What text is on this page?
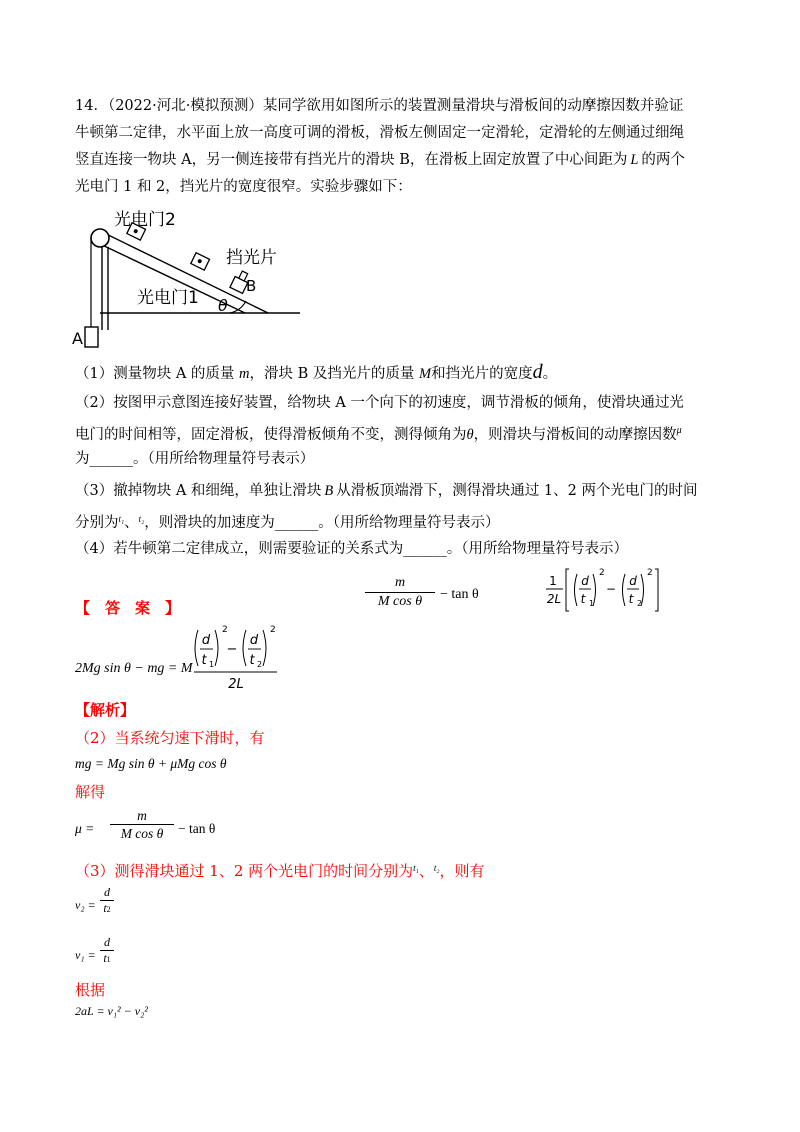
14．（2022·河北·模拟预测）某同学欲用如图所示的装置测量滑块与滑板间的动摩擦因数并验证
牛顿第二定律，水平面上放一高度可调的滑板，滑板左侧固定一定滑轮，定滑轮的左侧通过细绳
竖直连接一物块 A，另一侧连接带有挡光片的滑块 B，在滑板上固定放置了中心间距为 L 的两个
光电门 1 和 2，挡光片的宽度很窄。实验步骤如下：
光电门2
挡光片
B
光电门1 θ
A
（1）测量物块 A 的质量 m，滑块 B 及挡光片的质量 M和挡光片的宽度d。
（2）按图甲示意图连接好装置，给物块 A 一个向下的初速度，调节滑板的倾角，使滑块通过光
电门的时间相等，固定滑板，使得滑板倾角不变，测得倾角为θ，则滑块与滑板间的动摩擦因数$^\mu$
为______。（用所给物理量符号表示）
（3）撤掉物块 A 和细绳，单独让滑块 B 从滑板顶端滑下，测得滑块通过 1、2 两个光电门的时间
分别为$^{t_1}$、$^{t_2}$，则滑块的加速度为______。（用所给物理量符号表示）
（4）若牛顿第二定律成立，则需要验证的关系式为______。（用所给物理量符号表示）
$\frac{m}{\text{M cos θ}} - \tan \theta$
1
2L
d
t 1
2
−
d
t 2
2
【　答　案　】
2Mg sin θ − mg = M
d
t 1
2
−
d
t 2
2
2L
【解析】
（2）当系统匀速下滑时，有
mg = Mg sin θ + μMg cos θ
解得
$\mu = \frac{m}{\text{M cos θ}} - \tan \theta$
（3）测得滑块通过 1、2 两个光电门的时间分别为$^{t_1}$、$^{t_2}$，则有
v₂ =
d
t2
v₁ =
d
t1
根据
2aL = v₁² − v₂²
